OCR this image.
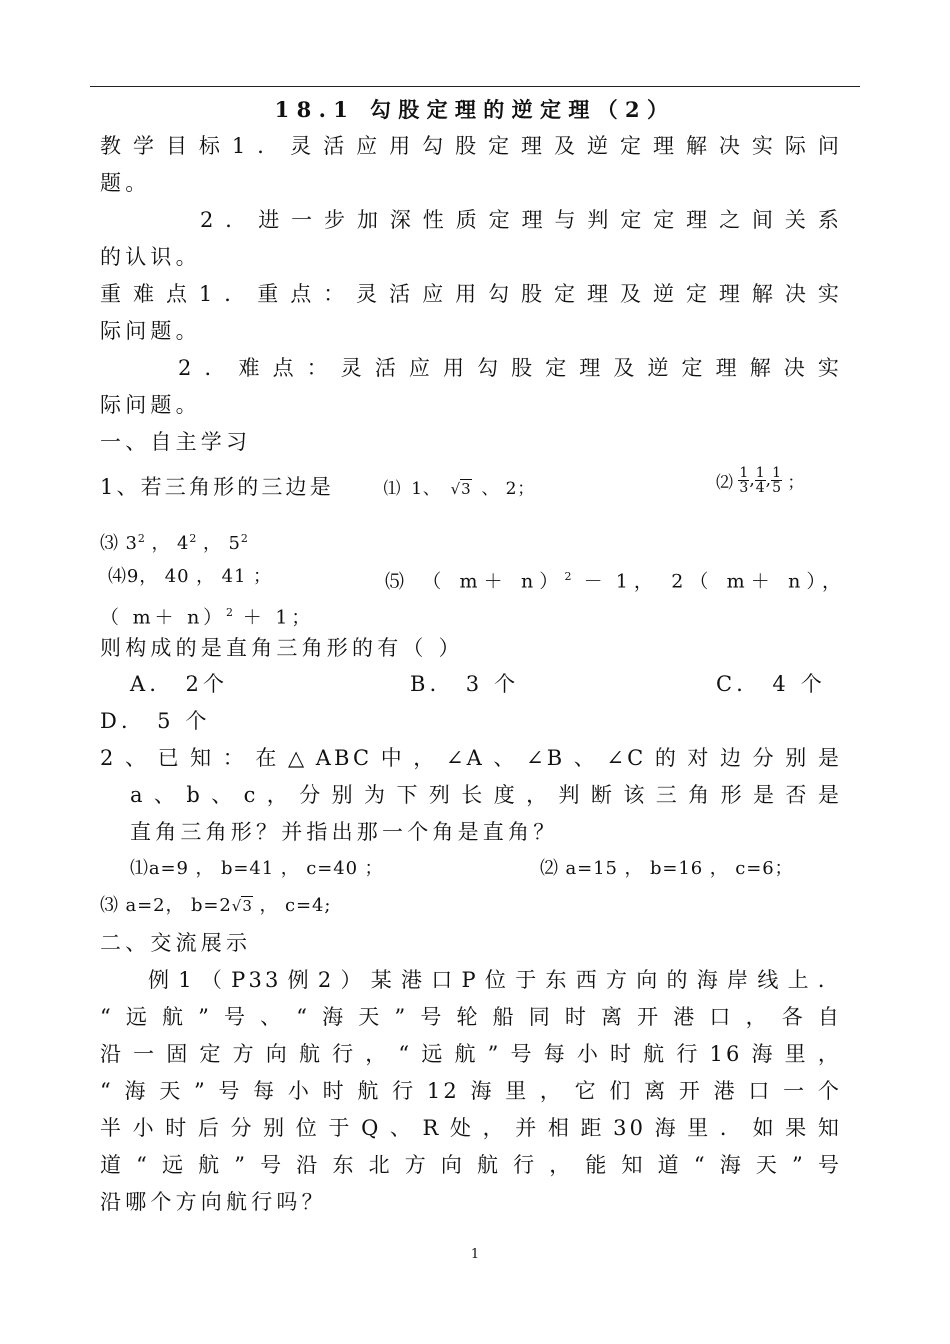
18.1 勾股定理的逆定理（2）
教学目标1．灵活应用勾股定理及逆定理解决实际问
题。
2．进一步加深性质定理与判定定理之间关系
的认识。
重难点1．重点：灵活应用勾股定理及逆定理解决实
际问题。
2．难点：灵活应用勾股定理及逆定理解决实
际问题。
一、自主学习
1、若三角形的三边是	⑴ 1、 √3 、 2；	⑵ $\frac{1}{3}$ , $\frac{1}{4}$ , $\frac{1}{5}$ ；
⑶ $3^2$ ， $4^2$ ， $5^2$
⑷9， 40 ， 41 ；	⑸ （ m＋ n）$^2$ － 1， 2（ m＋ n），
（ m＋ n）$^2$ ＋ 1；
则构成的是直角三角形的有（ ）
A． 2个	B． 3 个	C． 4 个
D． 5 个
2、已知：在△ABC中，∠A、∠B、∠C的对边分别是
a、b、c，分别为下列长度，判断该三角形是否是
直角三角形？并指出那一个角是直角？
⑴a=9 ， b=41 ， c=40 ；	⑵ a=15 ， b=16 ， c=6；
⑶ a=2， b=2√3 ， c=4;
二、交流展示
例1（P33例2）某港口P位于东西方向的海岸线上．
“远航”号、“海天”号轮船同时离开港口，各自
沿一固定方向航行，“远航”号每小时航行16海里，
“海天”号每小时航行12海里，它们离开港口一个
半小时后分别位于Q、R处，并相距30海里．如果知
道“远航”号沿东北方向航行，能知道“海天”号
沿哪个方向航行吗？
1
